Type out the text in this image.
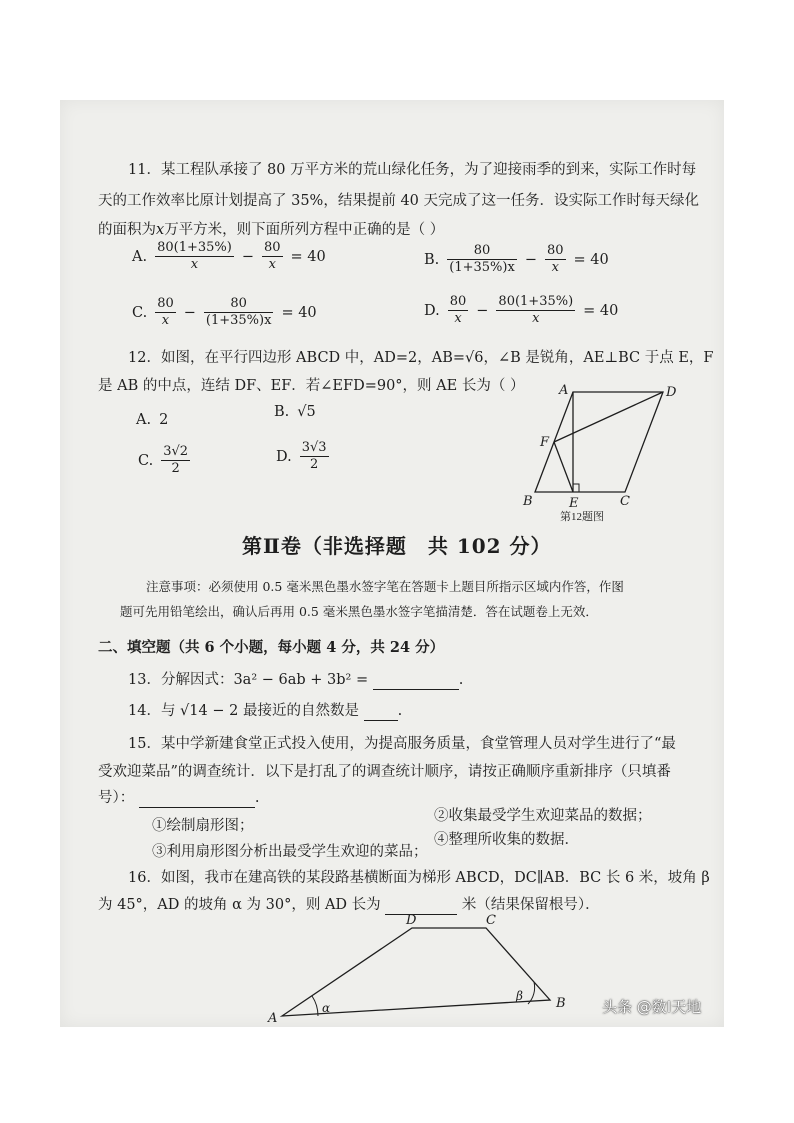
11．某工程队承接了 80 万平方米的荒山绿化任务，为了迎接雨季的到来，实际工作时每
天的工作效率比原计划提高了 35%，结果提前 40 天完成了这一任务．设实际工作时每天绿化
的面积为x万平方米，则下面所列方程中正确的是（ ）
A. $\frac{80(1+35\%)}{x} - \frac{80}{x} = 40$	B. $\frac{80}{(1+35\%)x} - \frac{80}{x} = 40$
C. $\frac{80}{x} - \frac{80}{(1+35\%)x} = 40$	D. $\frac{80}{x} - \frac{80(1+35\%)}{x} = 40$
12．如图，在平行四边形 ABCD 中，AD=2，AB=√6，∠B 是锐角，AE⊥BC 于点 E，F
是 AB 的中点，连结 DF、EF．若∠EFD=90°，则 AE 长为（ ）
A. 2	B. √5
C. $\frac{3√2}{2}$	D. $\frac{3√3}{2}$
A	D
F
B	E	C
第12题图
第Ⅱ卷（非选择题　共 102 分）
注意事项：必须使用 0.5 毫米黑色墨水签字笔在答题卡上题目所指示区域内作答，作图
题可先用铅笔绘出，确认后再用 0.5 毫米黑色墨水签字笔描清楚．答在试题卷上无效．
二、填空题（共 6 个小题，每小题 4 分，共 24 分）
13．分解因式：3a² − 6ab + 3b² =	.
14．与 √14 − 2 最接近的自然数是	.
15．某中学新建食堂正式投入使用，为提高服务质量，食堂管理人员对学生进行了“最
受欢迎菜品”的调查统计．以下是打乱了的调查统计顺序，请按正确顺序重新排序（只填番
号）：	.
①绘制扇形图；
②收集最受学生欢迎菜品的数据；
③利用扇形图分析出最受学生欢迎的菜品；
④整理所收集的数据．
16．如图，我市在建高铁的某段路基横断面为梯形 ABCD，DC∥AB．BC 长 6 米，坡角 β
为 45°，AD 的坡角 α 为 30°，则 AD 长为	米（结果保留根号）．
A
B
C
D
α
β
头条 @数I天地
